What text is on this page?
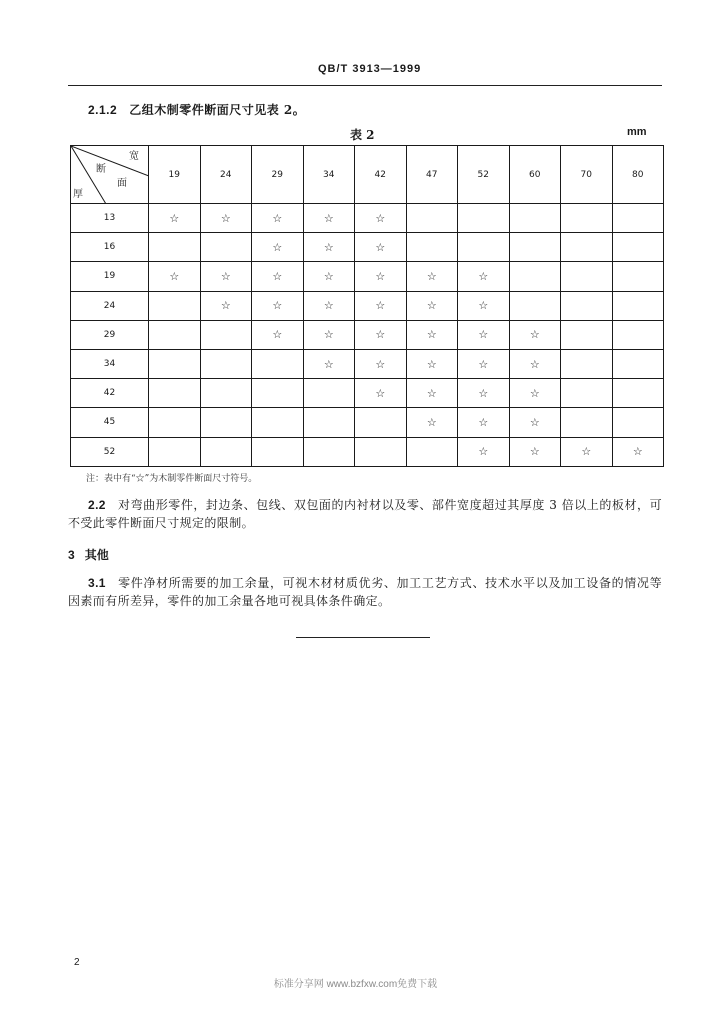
QB/T 3913—1999

2.1.2 乙组木制零件断面尺寸见表 2。

表 2	mm
宽
断
面
厚	19	24	29	34	42	47	52	60	70	80
13	☆	☆	☆	☆	☆					
16			☆	☆	☆					
19	☆	☆	☆	☆	☆	☆	☆			
24		☆	☆	☆	☆	☆	☆			
29			☆	☆	☆	☆	☆	☆		
34				☆	☆	☆	☆	☆		
42					☆	☆	☆	☆		
45						☆	☆	☆		
52							☆	☆	☆	☆
注：表中有“☆”为木制零件断面尺寸符号。

2.2 对弯曲形零件，封边条、包线、双包面的内衬材以及零、部件宽度超过其厚度 3 倍以上的板材，可不受此零件断面尺寸规定的限制。

3 其他

3.1 零件净材所需要的加工余量，可视木材材质优劣、加工工艺方式、技术水平以及加工设备的情况等因素而有所差异，零件的加工余量各地可视具体条件确定。

2
标准分享网 www.bzfxw.com免费下载
